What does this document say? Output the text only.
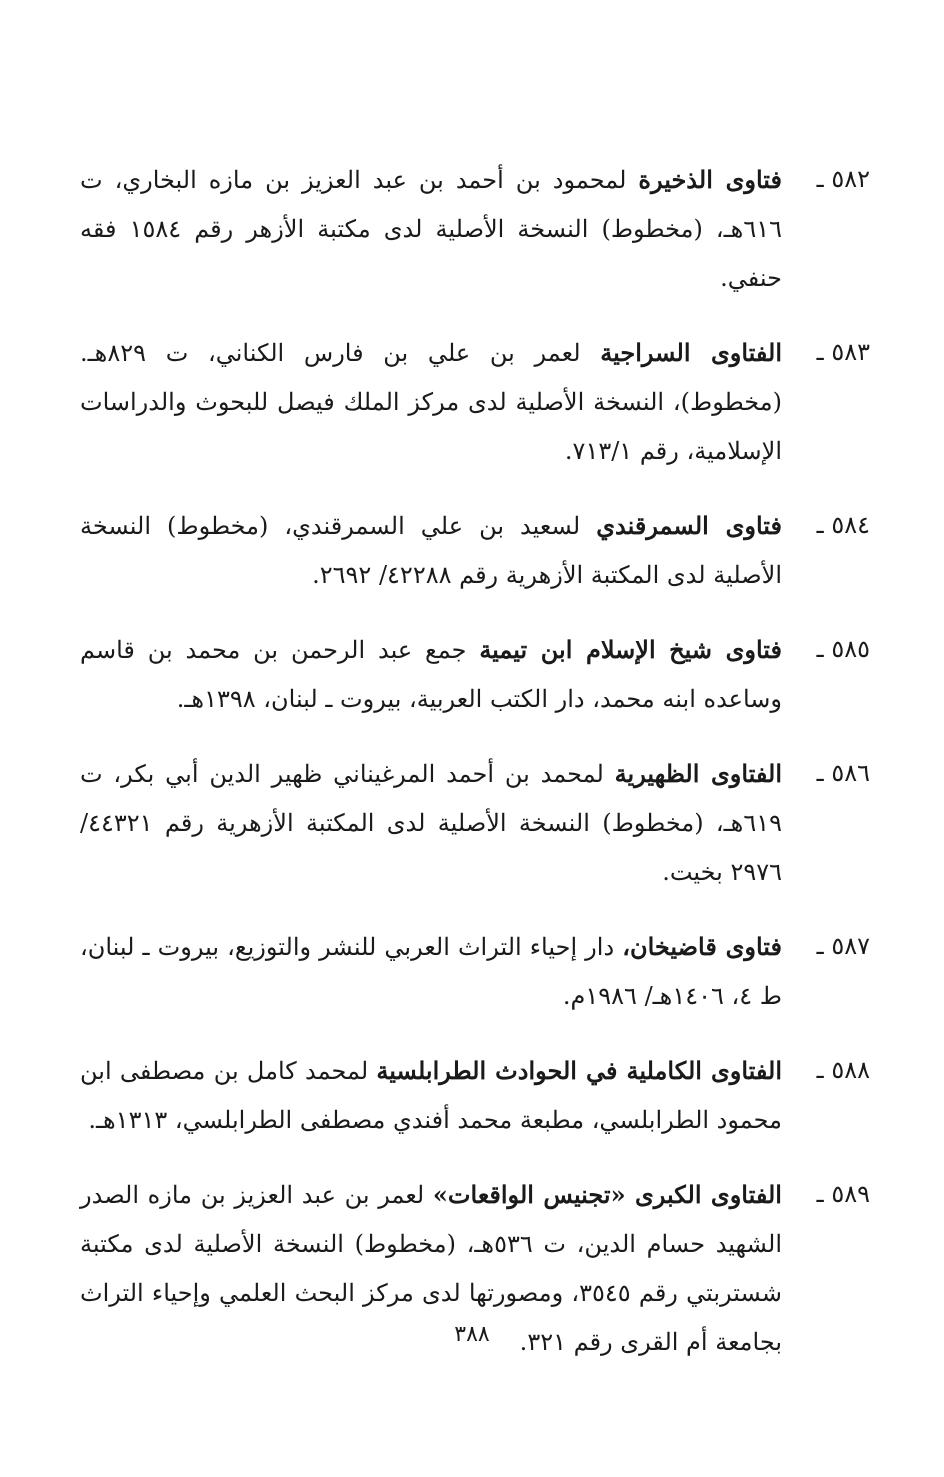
٥٨٢ ـ
فتاوى الذخيرة لمحمود بن أحمد بن عبد العزيز بن مازه البخاري، ت ٦١٦هـ، (مخطوط) النسخة الأصلية لدى مكتبة الأزهر رقم ١٥٨٤ فقه حنفي.
٥٨٣ ـ
الفتاوى السراجية لعمر بن علي بن فارس الكناني، ت ٨٢٩هـ. (مخطوط)، النسخة الأصلية لدى مركز الملك فيصل للبحوث والدراسات الإسلامية، رقم ٧١٣/١.
٥٨٤ ـ
فتاوى السمرقندي لسعيد بن علي السمرقندي، (مخطوط) النسخة الأصلية لدى المكتبة الأزهرية رقم ٤٢٢٨٨/ ٢٦٩٢.
٥٨٥ ـ
فتاوى شيخ الإسلام ابن تيمية جمع عبد الرحمن بن محمد بن قاسم وساعده ابنه محمد، دار الكتب العربية، بيروت ـ لبنان، ١٣٩٨هـ.
٥٨٦ ـ
الفتاوى الظهيرية لمحمد بن أحمد المرغيناني ظهير الدين أبي بكر، ت ٦١٩هـ، (مخطوط) النسخة الأصلية لدى المكتبة الأزهرية رقم ٤٤٣٢١/ ٢٩٧٦ بخيت.
٥٨٧ ـ
فتاوى قاضيخان، دار إحياء التراث العربي للنشر والتوزيع، بيروت ـ لبنان، ط ٤، ١٤٠٦هـ/ ١٩٨٦م.
٥٨٨ ـ
الفتاوى الكاملية في الحوادث الطرابلسية لمحمد كامل بن مصطفى ابن محمود الطرابلسي، مطبعة محمد أفندي مصطفى الطرابلسي، ١٣١٣هـ.
٥٨٩ ـ
الفتاوى الكبرى «تجنيس الواقعات» لعمر بن عبد العزيز بن مازه الصدر الشهيد حسام الدين، ت ٥٣٦هـ، (مخطوط) النسخة الأصلية لدى مكتبة شستربتي رقم ٣٥٤٥، ومصورتها لدى مركز البحث العلمي وإحياء التراث بجامعة أم القرى رقم ٣٢١.
٣٨٨
